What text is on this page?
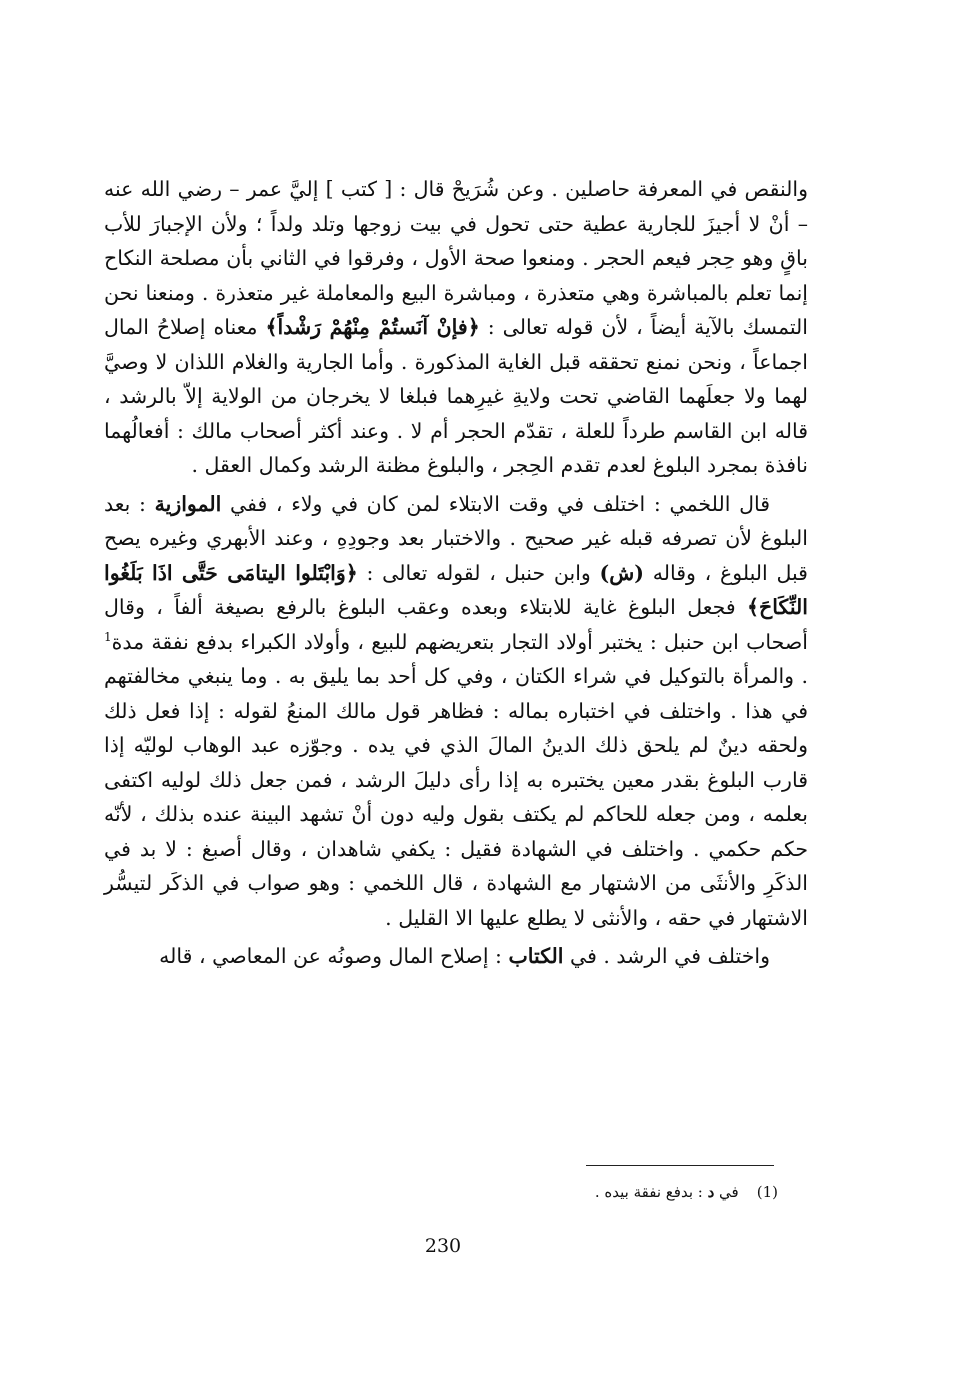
والنقص في المعرفة حاصلين . وعن شُرَيحْ قال : [ كتب ] إليَّ عمر – رضي الله عنه – أنْ لا أجيزَ للجارية عطية حتى تحول في بيت زوجها وتلد ولداً ؛ ولأن الإجبارَ للأب باقٍ وهو حِجر فيعم الحجر . ومنعوا صحة الأول ، وفرقوا في الثاني بأن مصلحة النكاح إنما تعلم بالمباشرة وهي متعذرة ، ومباشرة البيع والمعاملة غير متعذرة . ومنعنا نحن التمسك بالآية أيضاً ، لأن قوله تعالى : ﴿فإنْ آنَستُمْ مِنْهُمْ رَشْداً﴾ معناه إصلاحُ المال اجماعاً ، ونحن نمنع تحققه قبل الغاية المذكورة . وأما الجارية والغلام اللذان لا وصيَّ لهما ولا جعلَهما القاضي تحت ولايةِ غيرِهما فبلغا لا يخرجان من الولاية إلاّ بالرشد ، قاله ابن القاسم طرداً للعلة ، تقدّم الحجر أم لا . وعند أكثر أصحاب مالك : أفعالُهما نافذة بمجرد البلوغ لعدم تقدم الحِجر ، والبلوغ مظنة الرشد وكمال العقل .

قال اللخمي : اختلف في وقت الابتلاء لمن كان في ولاء ، ففي الموازية : بعد البلوغ لأن تصرفه قبله غير صحيح . والاختبار بعد وجودِهِ ، وعند الأبهري وغيره يصح قبل البلوغ ، وقاله (ش) وابن حنبل ، لقوله تعالى : ﴿وَابْتَلوا اليتامَى حَتَّى اذَا بَلَغُوا النِّكَاحَ﴾ فجعل البلوغ غاية للابتلاء وبعده وعقب البلوغ بالرفع بصيغة ألفاً ، وقال أصحاب ابن حنبل : يختبر أولاد التجار بتعريضهم للبيع ، وأولاد الكبراء بدفع نفقة مدة$^1$ . والمرأة بالتوكيل في شراء الكتان ، وفي كل أحد بما يليق به . وما ينبغي مخالفتهم في هذا . واختلف في اختباره بماله : فظاهر قول مالك المنعُ لقوله : إذا فعل ذلك ولحقه دينٌ لم يلحق ذلك الدينُ المالَ الذي في يده . وجوّزه عبد الوهاب لوليّه إذا قارب البلوغ بقدر معين يختبره به إذا رأى دليلَ الرشد ، فمن جعل ذلك لوليه اكتفى بعلمه ، ومن جعله للحاكم لم يكتف بقول وليه دون أنْ تشهد البينة عنده بذلك ، لأنّه حكم حكمي . واختلف في الشهادة فقيل : يكفي شاهدان ، وقال أصبغ : لا بد في الذكَرِ والأنثَى من الاشتهار مع الشهادة ، قال اللخمي : وهو صواب في الذكَر لتيسُّر الاشتهار في حقه ، والأنثى لا يطلع عليها الا القليل .

واختلف في الرشد . في الكتاب : إصلاح المال وصونُه عن المعاصي ، قاله

(1)في د : بدفع نفقة بيده .
230
